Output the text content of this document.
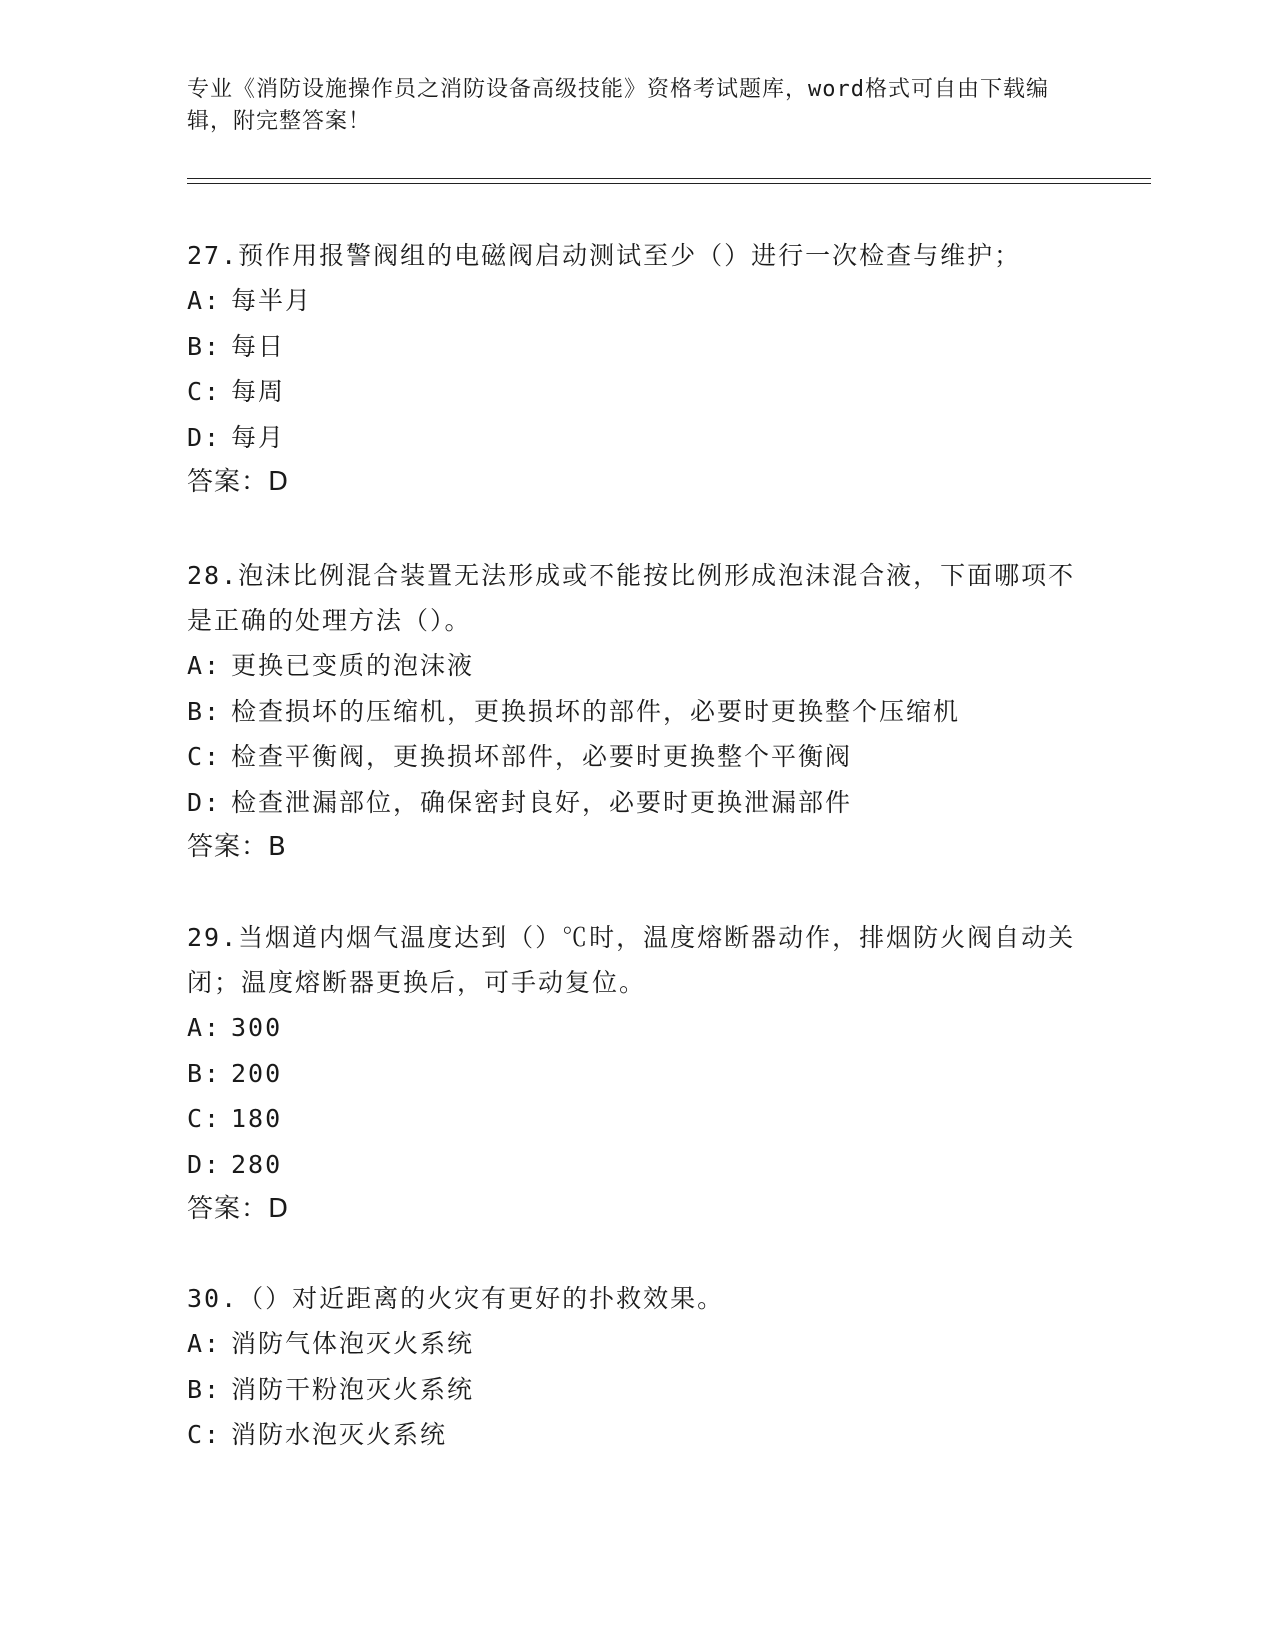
专业《消防设施操作员之消防设备高级技能》资格考试题库，word格式可自由下载编辑，附完整答案！

27.预作用报警阀组的电磁阀启动测试至少（）进行一次检查与维护；

A: 每半月

B: 每日

C: 每周

D: 每月

答案：D

28.泡沫比例混合装置无法形成或不能按比例形成泡沫混合液，下面哪项不是正确的处理方法（）。

A: 更换已变质的泡沫液

B: 检查损坏的压缩机，更换损坏的部件，必要时更换整个压缩机

C: 检查平衡阀，更换损坏部件，必要时更换整个平衡阀

D: 检查泄漏部位，确保密封良好，必要时更换泄漏部件

答案：B

29.当烟道内烟气温度达到（）℃时，温度熔断器动作，排烟防火阀自动关闭；温度熔断器更换后，可手动复位。

A: 300

B: 200

C: 180

D: 280

答案：D

30.（）对近距离的火灾有更好的扑救效果。

A: 消防气体泡灭火系统

B: 消防干粉泡灭火系统

C: 消防水泡灭火系统
